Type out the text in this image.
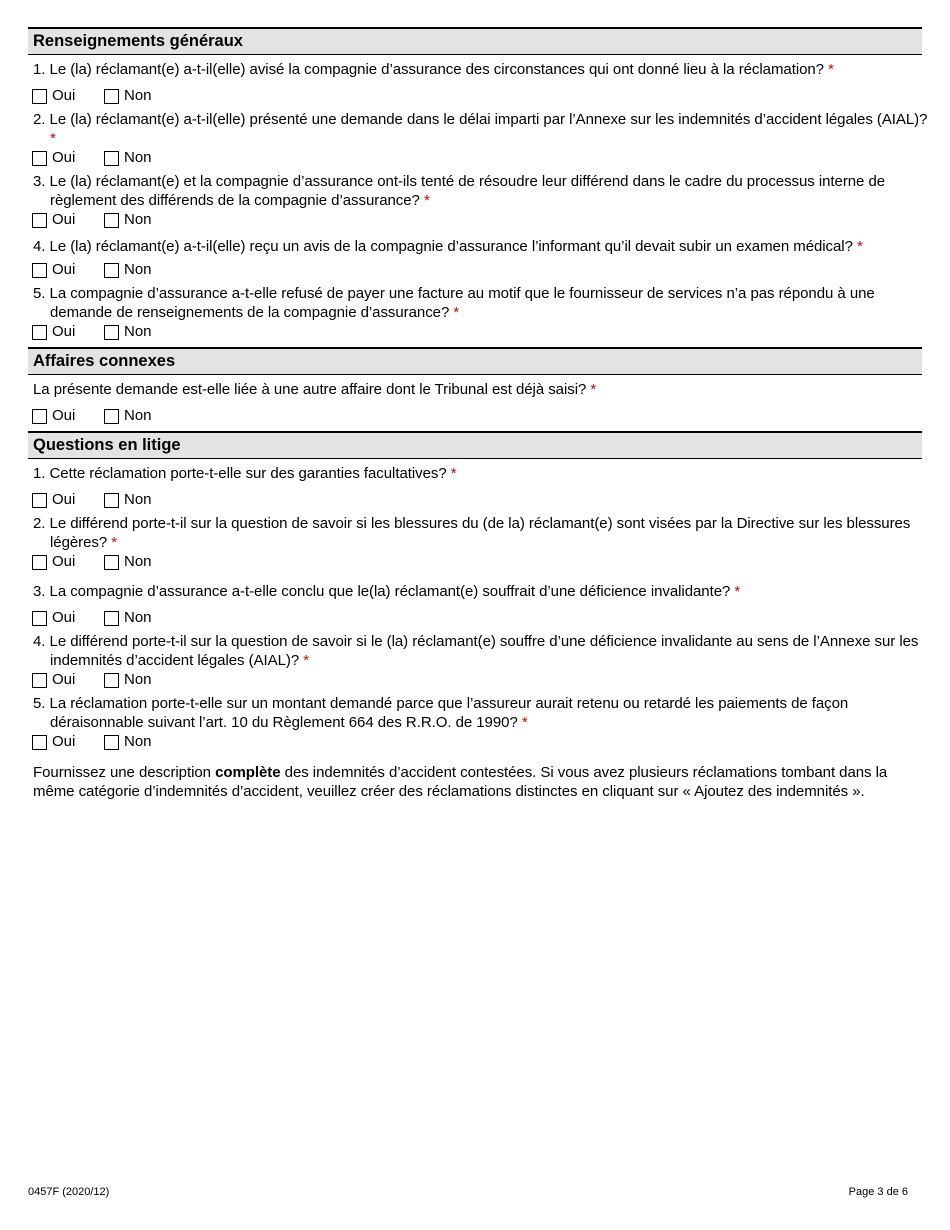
Renseignements généraux
1. Le (la) réclamant(e) a-t-il(elle) avisé la compagnie d’assurance des circonstances qui ont donné lieu à la réclamation? *
Oui	Non
2. Le (la) réclamant(e) a-t-il(elle) présenté une demande dans le délai imparti par l’Annexe sur les indemnités d’accident légales (AIAL)? *
Oui	Non
3. Le (la) réclamant(e) et la compagnie d’assurance ont-ils tenté de résoudre leur différend dans le cadre du processus interne de règlement des différends de la compagnie d’assurance? *
Oui	Non
4. Le (la) réclamant(e) a-t-il(elle) reçu un avis de la compagnie d’assurance l’informant qu’il devait subir un examen médical? *
Oui	Non
5. La compagnie d’assurance a-t-elle refusé de payer une facture au motif que le fournisseur de services n’a pas répondu à une demande de renseignements de la compagnie d’assurance? *
Oui	Non
Affaires connexes
La présente demande est-elle liée à une autre affaire dont le Tribunal est déjà saisi? *
Oui	Non
Questions en litige
1. Cette réclamation porte-t-elle sur des garanties facultatives? *
Oui	Non
2. Le différend porte-t-il sur la question de savoir si les blessures du (de la) réclamant(e) sont visées par la Directive sur les blessures légères? *
Oui	Non
3. La compagnie d’assurance a-t-elle conclu que le(la) réclamant(e) souffrait d’une déficience invalidante? *
Oui	Non
4. Le différend porte-t-il sur la question de savoir si le (la) réclamant(e) souffre d’une déficience invalidante au sens de l’Annexe sur les indemnités d’accident légales (AIAL)? *
Oui	Non
5. La réclamation porte-t-elle sur un montant demandé parce que l’assureur aurait retenu ou retardé les paiements de façon déraisonnable suivant l’art. 10 du Règlement 664 des R.R.O. de 1990? *
Oui	Non
Fournissez une description complète des indemnités d’accident contestées. Si vous avez plusieurs réclamations tombant dans la même catégorie d’indemnités d’accident, veuillez créer des réclamations distinctes en cliquant sur « Ajoutez des indemnités ».
0457F (2020/12)	Page 3 de 6
